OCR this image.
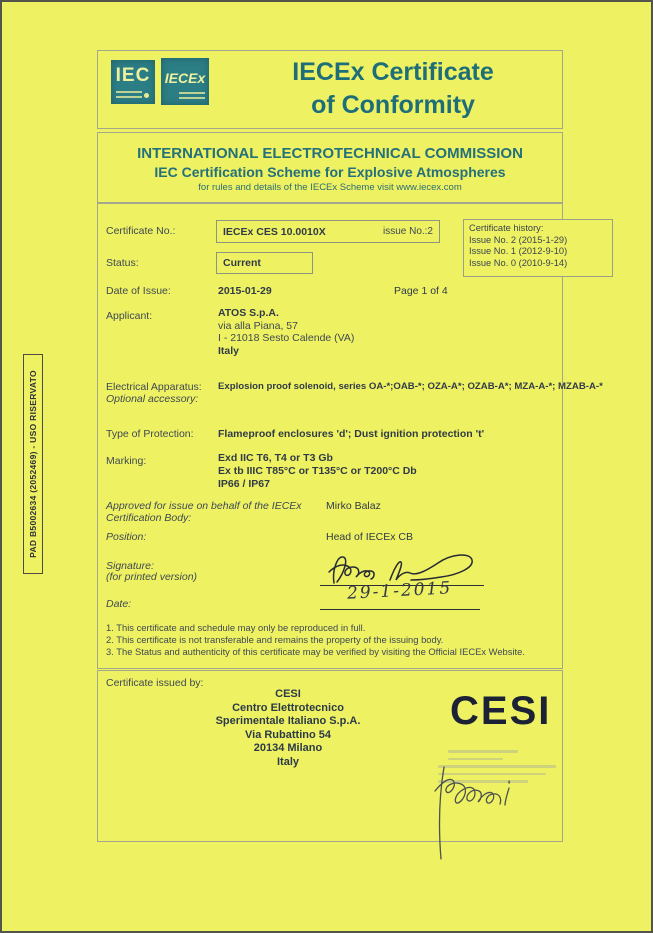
PAD B5002634 (2052469) - USO RISERVATO
IEC	IECEx	IECEx Certificate
of Conformity
INTERNATIONAL ELECTROTECHNICAL COMMISSION
IEC Certification Scheme for Explosive Atmospheres
for rules and details of the IECEx Scheme visit www.iecex.com
Certificate history:
Issue No. 2 (2015-1-29)
Issue No. 1 (2012-9-10)
Issue No. 0 (2010-9-14)
Certificate No.:	IECEx CES 10.0010X	issue No.:2
Status:	Current
Date of Issue:	2015-01-29	Page 1 of 4
Applicant:	ATOS S.p.A.
via alla Piana, 57
I - 21018 Sesto Calende (VA)
Italy
Electrical Apparatus:
Optional accessory:
Explosion proof solenoid, series OA-*;OAB-*; OZA-A*; OZAB-A*; MZA-A-*; MZAB-A-*
Type of Protection: Flameproof enclosures 'd'; Dust ignition protection 't'
Marking:	Exd IIC T6, T4 or T3 Gb
Ex tb IIIC T85°C or T135°C or T200°C Db
IP66 / IP67
Approved for issue on behalf of the IECEx
Certification Body:
Mirko Balaz
Position:	Head of IECEx CB
Signature:
(for printed version)
Date:
29-1-2015
1. This certificate and schedule may only be reproduced in full.
2. This certificate is not transferable and remains the property of the issuing body.
3. The Status and authenticity of this certificate may be verified by visiting the Official IECEx Website.
Certificate issued by:
CESI
Centro Elettrotecnico
Sperimentale Italiano S.p.A.
Via Rubattino 54
20134 Milano
Italy
CESI
